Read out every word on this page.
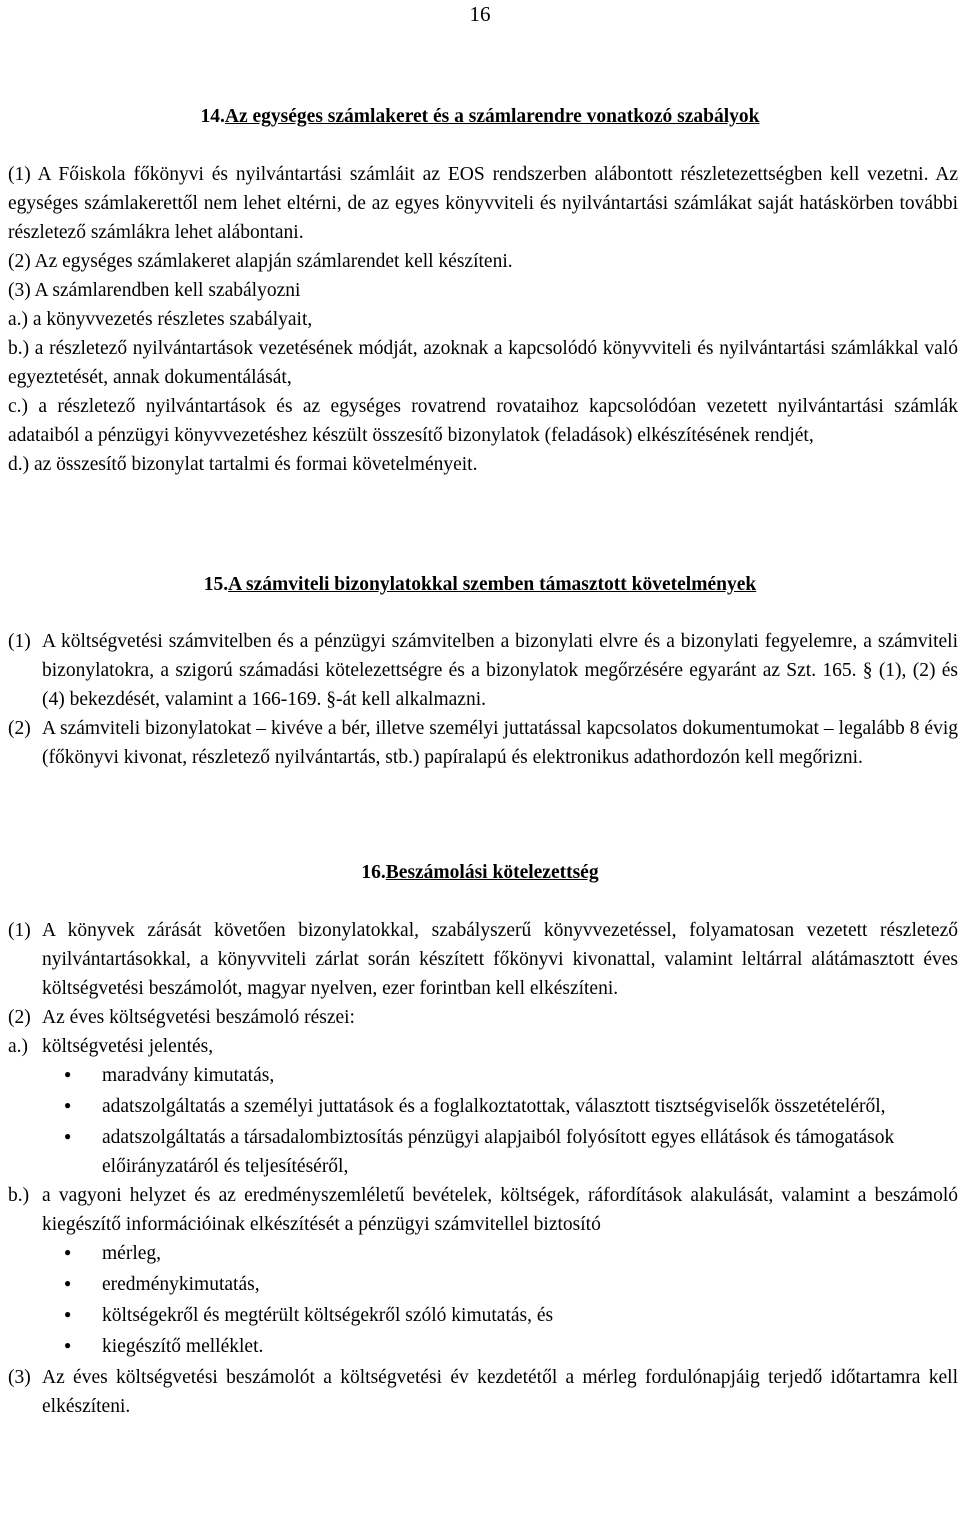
16
14.Az egységes számlakeret és a számlarendre vonatkozó szabályok

(1) A Főiskola főkönyvi és nyilvántartási számláit az EOS rendszerben alábontott részletezettségben kell vezetni. Az egységes számlakerettől nem lehet eltérni, de az egyes könyvviteli és nyilvántartási számlákat saját hatáskörben további részletező számlákra lehet alábontani.

(2) Az egységes számlakeret alapján számlarendet kell készíteni.

(3) A számlarendben kell szabályozni

a.) a könyvvezetés részletes szabályait,

b.) a részletező nyilvántartások vezetésének módját, azoknak a kapcsolódó könyvviteli és nyilvántartási számlákkal való egyeztetését, annak dokumentálását,

c.) a részletező nyilvántartások és az egységes rovatrend rovataihoz kapcsolódóan vezetett nyilvántartási számlák adataiból a pénzügyi könyvvezetéshez készült összesítő bizonylatok (feladások) elkészítésének rendjét,

d.) az összesítő bizonylat tartalmi és formai követelményeit.

15.A számviteli bizonylatokkal szemben támasztott követelmények
(1) A költségvetési számvitelben és a pénzügyi számvitelben a bizonylati elvre és a bizonylati fegyelemre, a számviteli bizonylatokra, a szigorú számadási kötelezettségre és a bizonylatok megőrzésére egyaránt az Szt. 165. § (1), (2) és (4) bekezdését, valamint a 166-169. §-át kell alkalmazni.
(2) A számviteli bizonylatokat – kivéve a bér, illetve személyi juttatással kapcsolatos dokumentumokat – legalább 8 évig (főkönyvi kivonat, részletező nyilvántartás, stb.) papíralapú és elektronikus adathordozón kell megőrizni.
16.Beszámolási kötelezettség
(1) A könyvek zárását követően bizonylatokkal, szabályszerű könyvvezetéssel, folyamatosan vezetett részletező nyilvántartásokkal, a könyvviteli zárlat során készített főkönyvi kivonattal, valamint leltárral alátámasztott éves költségvetési beszámolót, magyar nyelven, ezer forintban kell elkészíteni.
(2) Az éves költségvetési beszámoló részei:
a.) költségvetési jelentés,
●
maradvány kimutatás,
●
adatszolgáltatás a személyi juttatások és a foglalkoztatottak, választott tisztségviselők összetételéről,
●
adatszolgáltatás a társadalombiztosítás pénzügyi alapjaiból folyósított egyes ellátások és támogatások előirányzatáról és teljesítéséről,
b.) a vagyoni helyzet és az eredményszemléletű bevételek, költségek, ráfordítások alakulását, valamint a beszámoló kiegészítő információinak elkészítését a pénzügyi számvitellel biztosító
●
mérleg,
●
eredménykimutatás,
●
költségekről és megtérült költségekről szóló kimutatás, és
●
kiegészítő melléklet.
(3) Az éves költségvetési beszámolót a költségvetési év kezdetétől a mérleg fordulónapjáig terjedő időtartamra kell elkészíteni.
